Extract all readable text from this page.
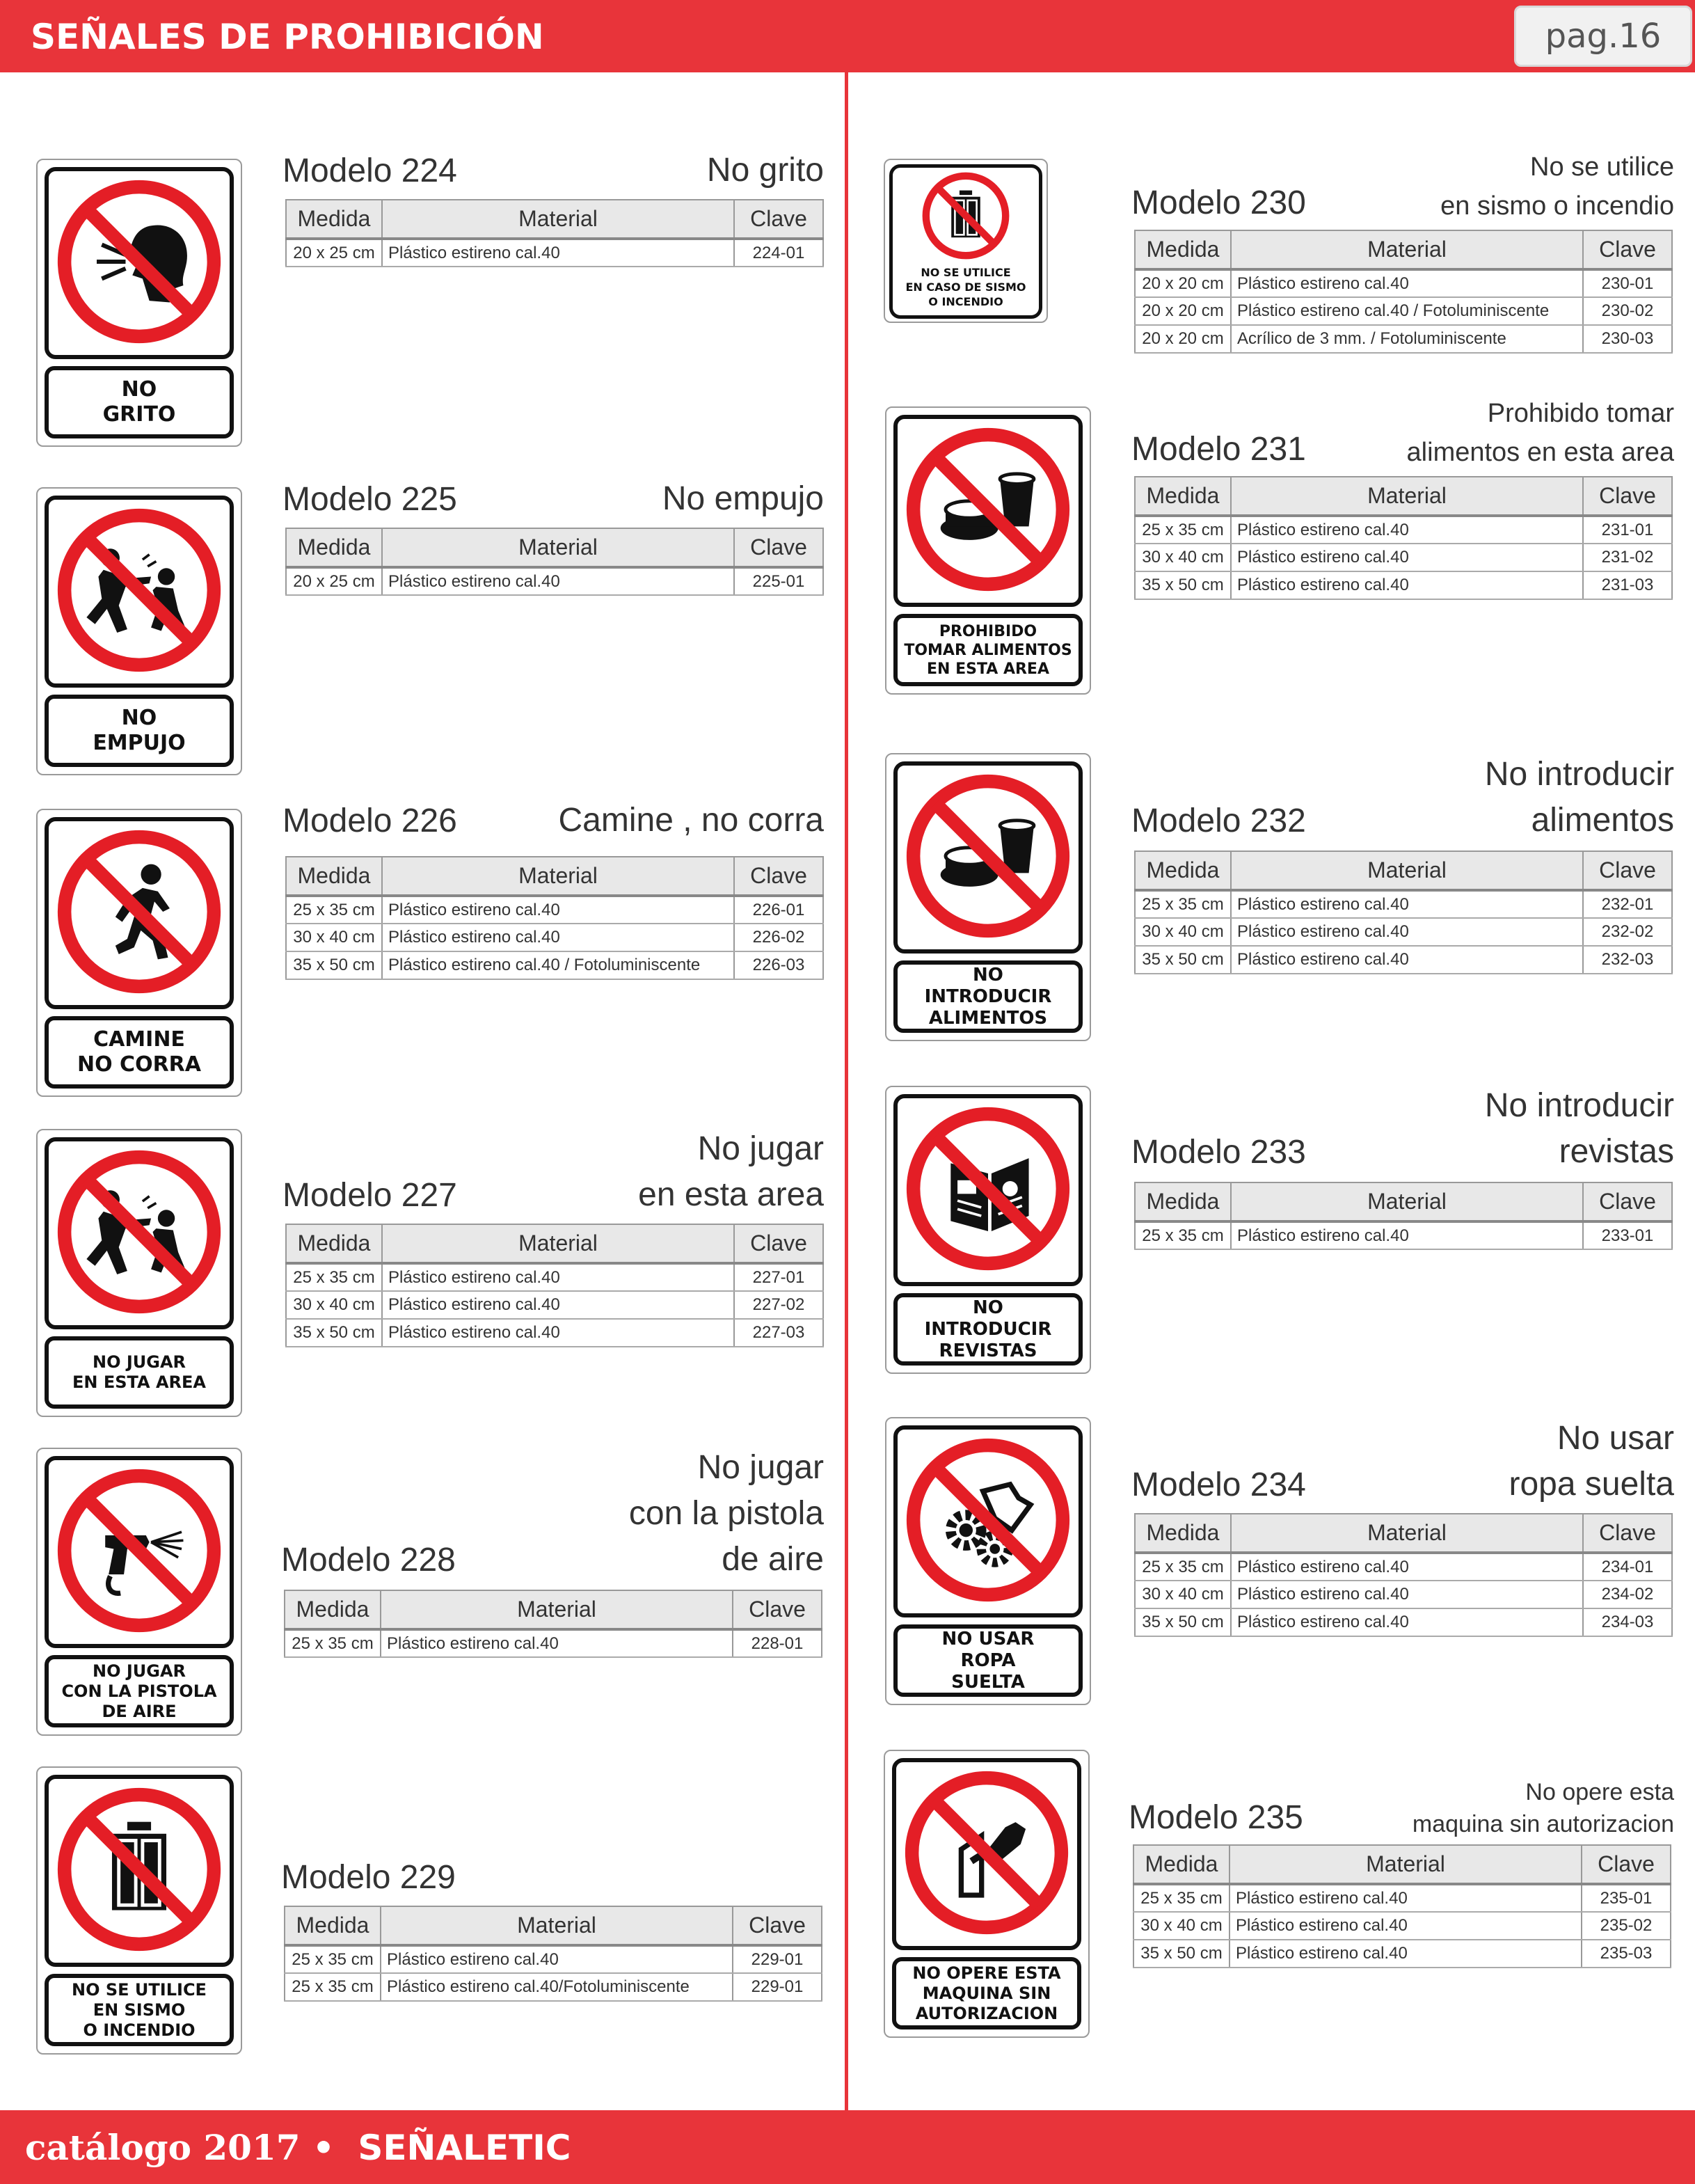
SEÑALES DE PROHIBICIÓN	pag.16
NO
GRITO
NO
EMPUJO
CAMINE
NO CORRA
NO JUGAR
EN ESTA AREA
NO JUGAR
CON LA PISTOLA
DE AIRE
NO SE UTILICE
EN SISMO
O INCENDIO
NO SE UTILICE
EN CASO DE SISMO
O INCENDIO
PROHIBIDO
TOMAR ALIMENTOS
EN ESTA AREA
NO
INTRODUCIR
ALIMENTOS
NO
INTRODUCIR
REVISTAS
NO USAR
ROPA
SUELTA
NO OPERE ESTA
MAQUINA SIN
AUTORIZACION
Modelo 224	No grito
Medida	Material	Clave
20 x 25 cm	Plástico estireno cal.40	224-01
Modelo 225	No empujo
Medida	Material	Clave
20 x 25 cm	Plástico estireno cal.40	225-01
Modelo 226	Camine , no corra
Medida	Material	Clave
25 x 35 cm	Plástico estireno cal.40	226-01
30 x 40 cm	Plástico estireno cal.40	226-02
35 x 50 cm	Plástico estireno cal.40 / Fotoluminiscente	226-03
No jugar
en esta area
Modelo 227
Medida	Material	Clave
25 x 35 cm	Plástico estireno cal.40	227-01
30 x 40 cm	Plástico estireno cal.40	227-02
35 x 50 cm	Plástico estireno cal.40	227-03
No jugar
con la pistola
de aire
Modelo 228
Medida	Material	Clave
25 x 35 cm	Plástico estireno cal.40	228-01
Modelo 229
Medida	Material	Clave
25 x 35 cm	Plástico estireno cal.40	229-01
25 x 35 cm	Plástico estireno cal.40/Fotoluminiscente	229-01
No se utilice
en sismo o incendio
Modelo 230
Medida	Material	Clave
20 x 20 cm	Plástico estireno cal.40	230-01
20 x 20 cm	Plástico estireno cal.40 / Fotoluminiscente	230-02
20 x 20 cm	Acrílico de 3 mm. / Fotoluminiscente	230-03
Prohibido tomar
alimentos en esta area
Modelo 231
Medida	Material	Clave
25 x 35 cm	Plástico estireno cal.40	231-01
30 x 40 cm	Plástico estireno cal.40	231-02
35 x 50 cm	Plástico estireno cal.40	231-03
No introducir
alimentos
Modelo 232
Medida	Material	Clave
25 x 35 cm	Plástico estireno cal.40	232-01
30 x 40 cm	Plástico estireno cal.40	232-02
35 x 50 cm	Plástico estireno cal.40	232-03
No introducir
revistas
Modelo 233
Medida	Material	Clave
25 x 35 cm	Plástico estireno cal.40	233-01
No usar
ropa suelta
Modelo 234
Medida	Material	Clave
25 x 35 cm	Plástico estireno cal.40	234-01
30 x 40 cm	Plástico estireno cal.40	234-02
35 x 50 cm	Plástico estireno cal.40	234-03
No opere esta
maquina sin autorizacion
Modelo 235
Medida	Material	Clave
25 x 35 cm	Plástico estireno cal.40	235-01
30 x 40 cm	Plástico estireno cal.40	235-02
35 x 50 cm	Plástico estireno cal.40	235-03
catálogo 2017 • SEÑALETIC
